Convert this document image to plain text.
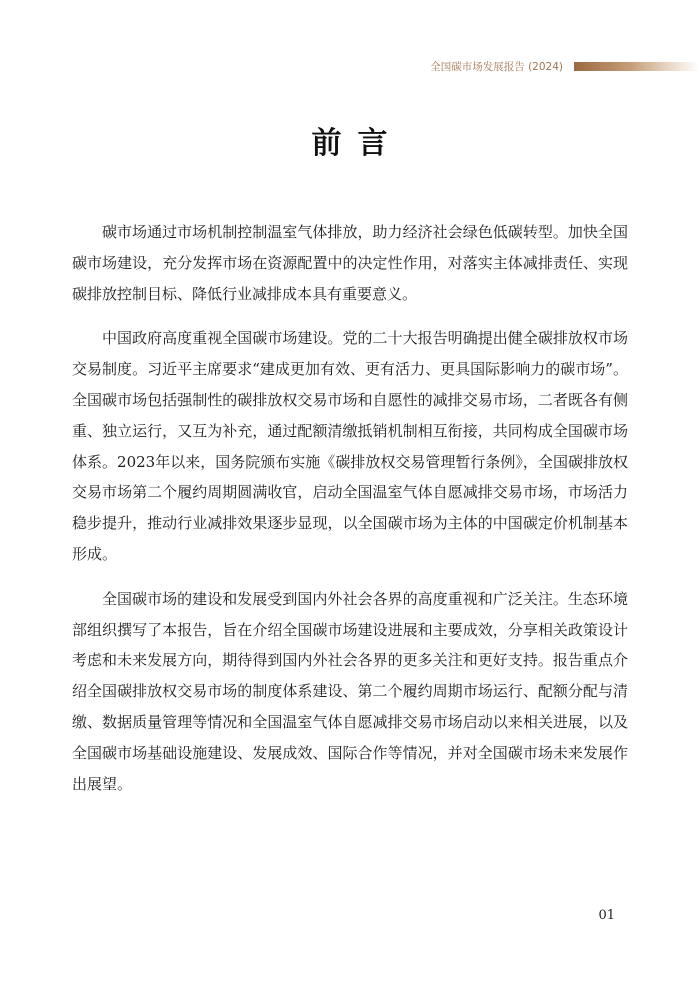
全国碳市场发展报告 (2024)
前言

碳市场通过市场机制控制温室气体排放，助力经济社会绿色低碳转型。加快全国碳市场建设，充分发挥市场在资源配置中的决定性作用，对落实主体减排责任、实现碳排放控制目标、降低行业减排成本具有重要意义。

中国政府高度重视全国碳市场建设。党的二十大报告明确提出健全碳排放权市场交易制度。习近平主席要求“建成更加有效、更有活力、更具国际影响力的碳市场”。全国碳市场包括强制性的碳排放权交易市场和自愿性的减排交易市场，二者既各有侧重、独立运行，又互为补充，通过配额清缴抵销机制相互衔接，共同构成全国碳市场体系。2023年以来，国务院颁布实施《碳排放权交易管理暂行条例》，全国碳排放权交易市场第二个履约周期圆满收官，启动全国温室气体自愿减排交易市场，市场活力稳步提升，推动行业减排效果逐步显现，以全国碳市场为主体的中国碳定价机制基本形成。

全国碳市场的建设和发展受到国内外社会各界的高度重视和广泛关注。生态环境部组织撰写了本报告，旨在介绍全国碳市场建设进展和主要成效，分享相关政策设计考虑和未来发展方向，期待得到国内外社会各界的更多关注和更好支持。报告重点介绍全国碳排放权交易市场的制度体系建设、第二个履约周期市场运行、配额分配与清缴、数据质量管理等情况和全国温室气体自愿减排交易市场启动以来相关进展，以及全国碳市场基础设施建设、发展成效、国际合作等情况，并对全国碳市场未来发展作出展望。

01
